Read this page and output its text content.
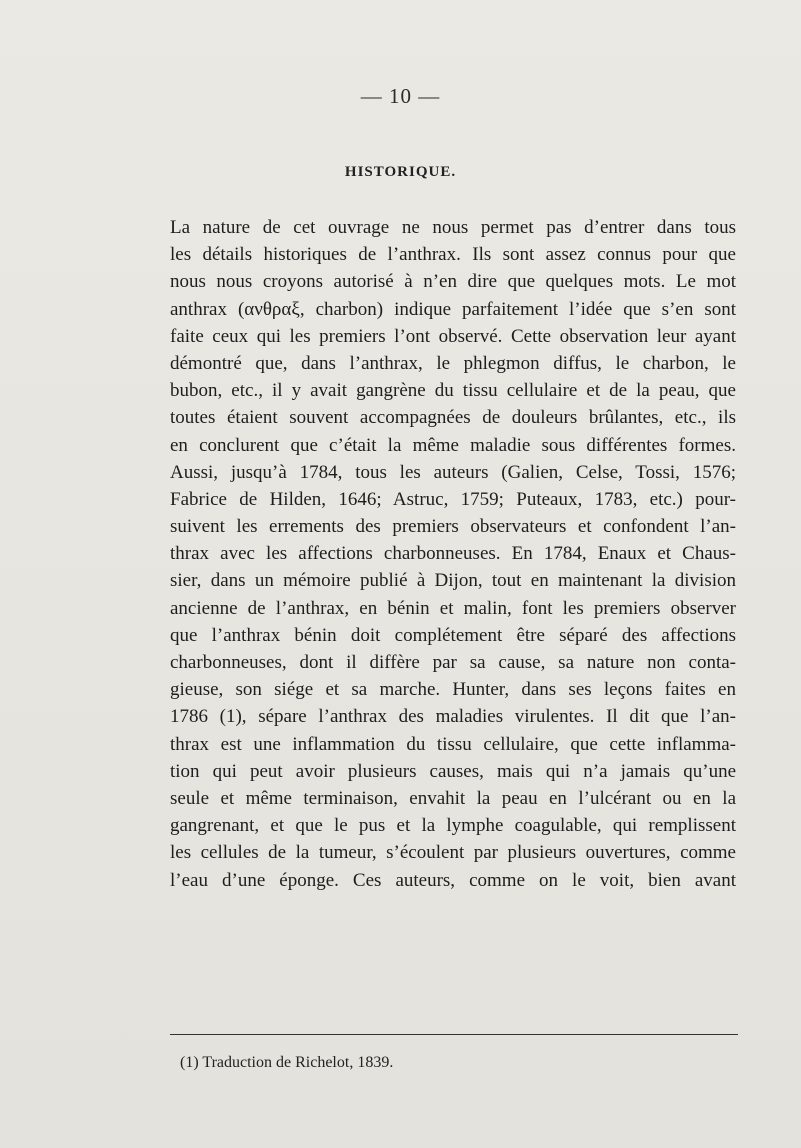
— 10 —
HISTORIQUE.
La nature de cet ouvrage ne nous permet pas d’entrer dans tous
les détails historiques de l’anthrax. Ils sont assez connus pour que
nous nous croyons autorisé à n’en dire que quelques mots. Le mot
anthrax (ανθραξ, charbon) indique parfaitement l’idée que s’en sont
faite ceux qui les premiers l’ont observé. Cette observation leur ayant
démontré que, dans l’anthrax, le phlegmon diffus, le charbon, le
bubon, etc., il y avait gangrène du tissu cellulaire et de la peau, que
toutes étaient souvent accompagnées de douleurs brûlantes, etc., ils
en conclurent que c’était la même maladie sous différentes formes.
Aussi, jusqu’à 1784, tous les auteurs (Galien, Celse, Tossi, 1576;
Fabrice de Hilden, 1646; Astruc, 1759; Puteaux, 1783, etc.) pour-
suivent les errements des premiers observateurs et confondent l’an-
thrax avec les affections charbonneuses. En 1784, Enaux et Chaus-
sier, dans un mémoire publié à Dijon, tout en maintenant la division
ancienne de l’anthrax, en bénin et malin, font les premiers observer
que l’anthrax bénin doit complétement être séparé des affections
charbonneuses, dont il diffère par sa cause, sa nature non conta-
gieuse, son siége et sa marche. Hunter, dans ses leçons faites en
1786 (1), sépare l’anthrax des maladies virulentes. Il dit que l’an-
thrax est une inflammation du tissu cellulaire, que cette inflamma-
tion qui peut avoir plusieurs causes, mais qui n’a jamais qu’une
seule et même terminaison, envahit la peau en l’ulcérant ou en la
gangrenant, et que le pus et la lymphe coagulable, qui remplissent
les cellules de la tumeur, s’écoulent par plusieurs ouvertures, comme
l’eau d’une éponge. Ces auteurs, comme on le voit, bien avant
(1) Traduction de Richelot, 1839.
